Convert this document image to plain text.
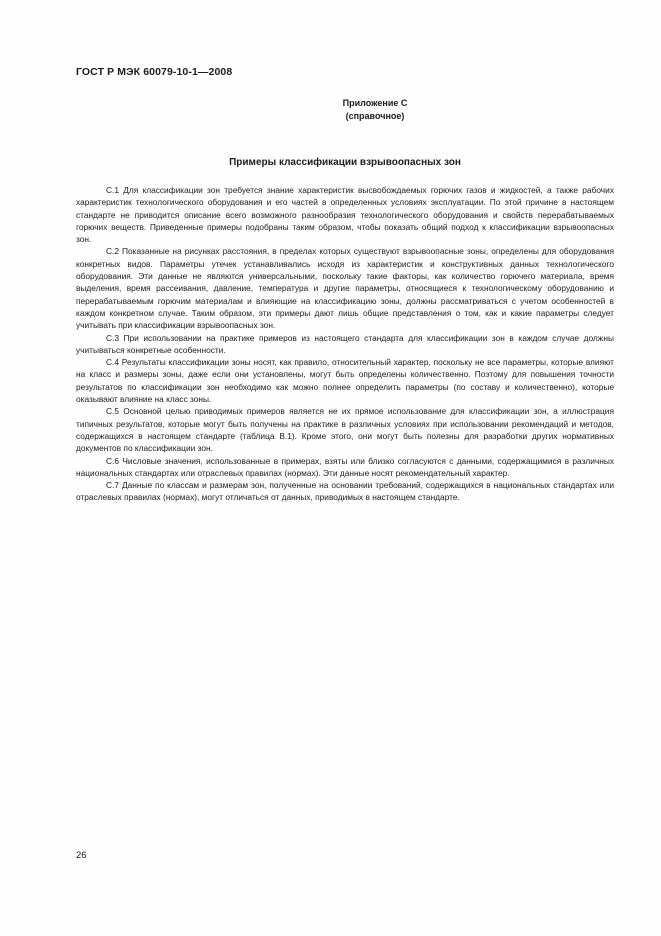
ГОСТ Р МЭК 60079-10-1—2008
Приложение С
(справочное)
Примеры классификации взрывоопасных зон

С.1 Для классификации зон требуется знание характеристик высвобождаемых горючих газов и жидкостей, а также рабочих характеристик технологического оборудования и его частей в определенных условиях эксплуатации. По этой причине в настоящем стандарте не приводится описание всего возможного разнообразия технологического оборудования и свойств перерабатываемых горючих веществ. Приведенные примеры подобраны таким образом, чтобы показать общий подход к классификации взрывоопасных зон.

С.2 Показанные на рисунках расстояния, в пределах которых существуют взрывоопасные зоны, определены для оборудования конкретных видов. Параметры утечек устанавливались исходя из характеристик и конструктивных данных технологического оборудования. Эти данные не являются универсальными, поскольку такие факторы, как количество горючего материала, время выделения, время рассеивания, давление, температура и другие параметры, относящиеся к технологическому оборудованию и перерабатываемым горючим материалам и влияющие на классификацию зоны, должны рассматриваться с учетом особенностей в каждом конкретном случае. Таким образом, эти примеры дают лишь общие представления о том, как и какие параметры следует учитывать при классификации взрывоопасных зон.

С.3 При использовании на практике примеров из настоящего стандарта для классификации зон в каждом случае должны учитываться конкретные особенности.

С.4 Результаты классификации зоны носят, как правило, относительный характер, поскольку не все параметры, которые влияют на класс и размеры зоны, даже если они установлены, могут быть определены количественно. Поэтому для повышения точности результатов по классификации зон необходимо как можно полнее определить параметры (по составу и количественно), которые оказывают влияние на класс зоны.

С.5 Основной целью приводимых примеров является не их прямое использование для классификации зон, а иллюстрация типичных результатов, которые могут быть получены на практике в различных условиях при использовании рекомендаций и методов, содержащихся в настоящем стандарте (таблица В.1). Кроме этого, они могут быть полезны для разработки других нормативных документов по классификации зон.

С.6 Числовые значения, использованные в примерах, взяты или близко согласуются с данными, содержащимися в различных национальных стандартах или отраслевых правилах (нормах). Эти данные носят рекомендательный характер.

С.7 Данные по классам и размерам зон, полученные на основании требований, содержащихся в национальных стандартах или отраслевых правилах (нормах), могут отличаться от данных, приводимых в настоящем стандарте.

26
